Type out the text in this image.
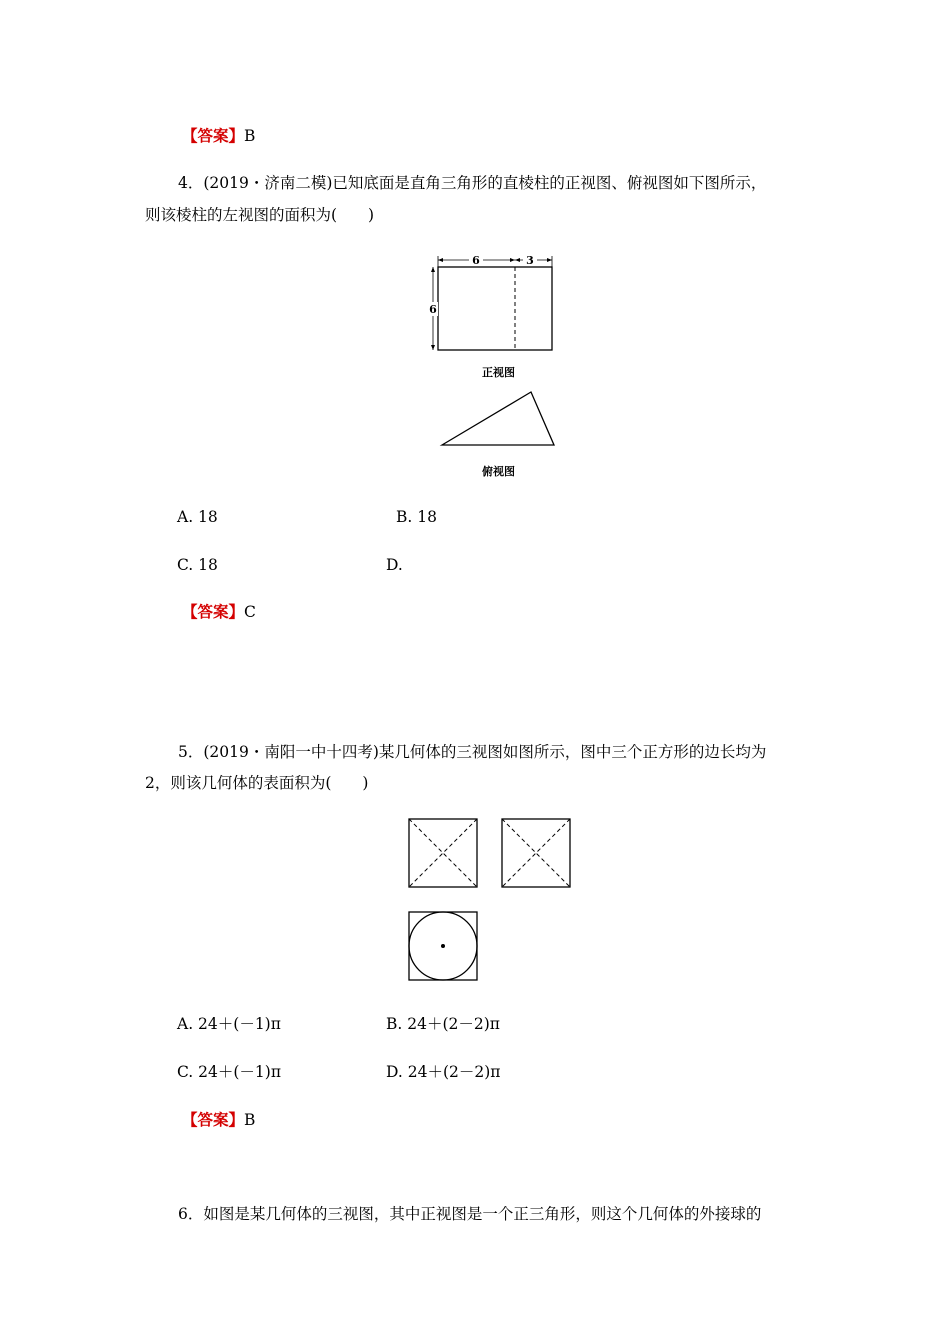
【答案】B
4．(2019・济南二模)已知底面是直角三角形的直棱柱的正视图、俯视图如下图所示，
则该棱柱的左视图的面积为(　　)
6	3
6
正视图
俯视图
A. 18	B. 18
C. 18	D.
【答案】C
5．(2019・南阳一中十四考)某几何体的三视图如图所示，图中三个正方形的边长均为
2，则该几何体的表面积为(　　)
A. 24＋(－1)π	B. 24＋(2－2)π
C. 24＋(－1)π	D. 24＋(2－2)π
【答案】B
6．如图是某几何体的三视图，其中正视图是一个正三角形，则这个几何体的外接球的
